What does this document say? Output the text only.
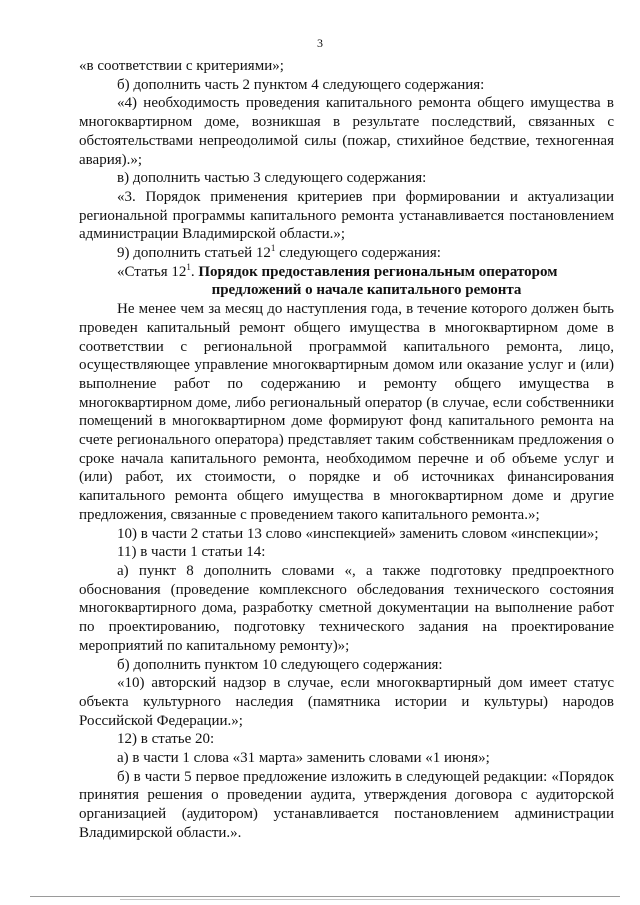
3

«в соответствии с критериями»;

б) дополнить часть 2 пунктом 4 следующего содержания:

«4) необходимость проведения капитального ремонта общего имущества в многоквартирном доме, возникшая в результате последствий, связанных с обстоятельствами непреодолимой силы (пожар, стихийное бедствие, техногенная авария).»;

в) дополнить частью 3 следующего содержания:

«3. Порядок применения критериев при формировании и актуализации региональной программы капитального ремонта устанавливается постановлением администрации Владимирской области.»;

9) дополнить статьей $12^1$ следующего содержания:

«Статья $12^1$. Порядок предоставления региональным оператором

предложений о начале капитального ремонта

Не менее чем за месяц до наступления года, в течение которого должен быть проведен капитальный ремонт общего имущества в многоквартирном доме в соответствии с региональной программой капитального ремонта, лицо, осуществляющее управление многоквартирным домом или оказание услуг и (или) выполнение работ по содержанию и ремонту общего имущества в многоквартирном доме, либо региональный оператор (в случае, если собственники помещений в многоквартирном доме формируют фонд капитального ремонта на счете регионального оператора) представляет таким собственникам предложения о сроке начала капитального ремонта, необходимом перечне и об объеме услуг и (или) работ, их стоимости, о порядке и об источниках финансирования капитального ремонта общего имущества в многоквартирном доме и другие предложения, связанные с проведением такого капитального ремонта.»;

10) в части 2 статьи 13 слово «инспекцией» заменить словом «инспекции»;

11) в части 1 статьи 14:

а) пункт 8 дополнить словами «, а также подготовку предпроектного обоснования (проведение комплексного обследования технического состояния многоквартирного дома, разработку сметной документации на выполнение работ по проектированию, подготовку технического задания на проектирование мероприятий по капитальному ремонту)»;

б) дополнить пунктом 10 следующего содержания:

«10) авторский надзор в случае, если многоквартирный дом имеет статус объекта культурного наследия (памятника истории и культуры) народов Российской Федерации.»;

12) в статье 20:

а) в части 1 слова «31 марта» заменить словами «1 июня»;

б) в части 5 первое предложение изложить в следующей редакции: «Порядок принятия решения о проведении аудита, утверждения договора с аудиторской организацией (аудитором) устанавливается постановлением администрации Владимирской области.».
